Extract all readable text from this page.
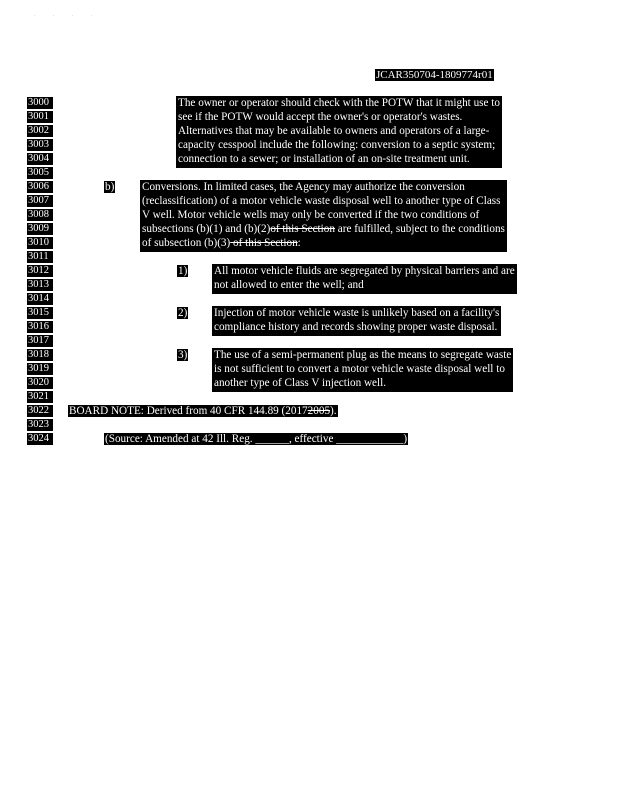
· · · ·
JCAR350704-1809774r01
3000
3001
3002
3003
3004
3005
3006
3007
3008
3009
3010
3011
3012
3013
3014
3015
3016
3017
3018
3019
3020
3021
3022
3023
3024
The owner or operator should check with the POTW that it might use to
see if the POTW would accept the owner's or operator's wastes.
Alternatives that may be available to owners and operators of a large-
capacity cesspool include the following: conversion to a septic system;
connection to a sewer; or installation of an on-site treatment unit.
b) Conversions. In limited cases, the Agency may authorize the conversion
(reclassification) of a motor vehicle waste disposal well to another type of Class
V well. Motor vehicle wells may only be converted if the two conditions of
subsections (b)(1) and (b)(2)of this Section are fulfilled, subject to the conditions
of subsection (b)(3) of this Section:
1) All motor vehicle fluids are segregated by physical barriers and are
not allowed to enter the well; and
2) Injection of motor vehicle waste is unlikely based on a facility's
compliance history and records showing proper waste disposal.
3) The use of a semi-permanent plug as the means to segregate waste
is not sufficient to convert a motor vehicle waste disposal well to
another type of Class V injection well.
BOARD NOTE: Derived from 40 CFR 144.89 (20172005).
(Source: Amended at 42 Ill. Reg. ______, effective ____________)
